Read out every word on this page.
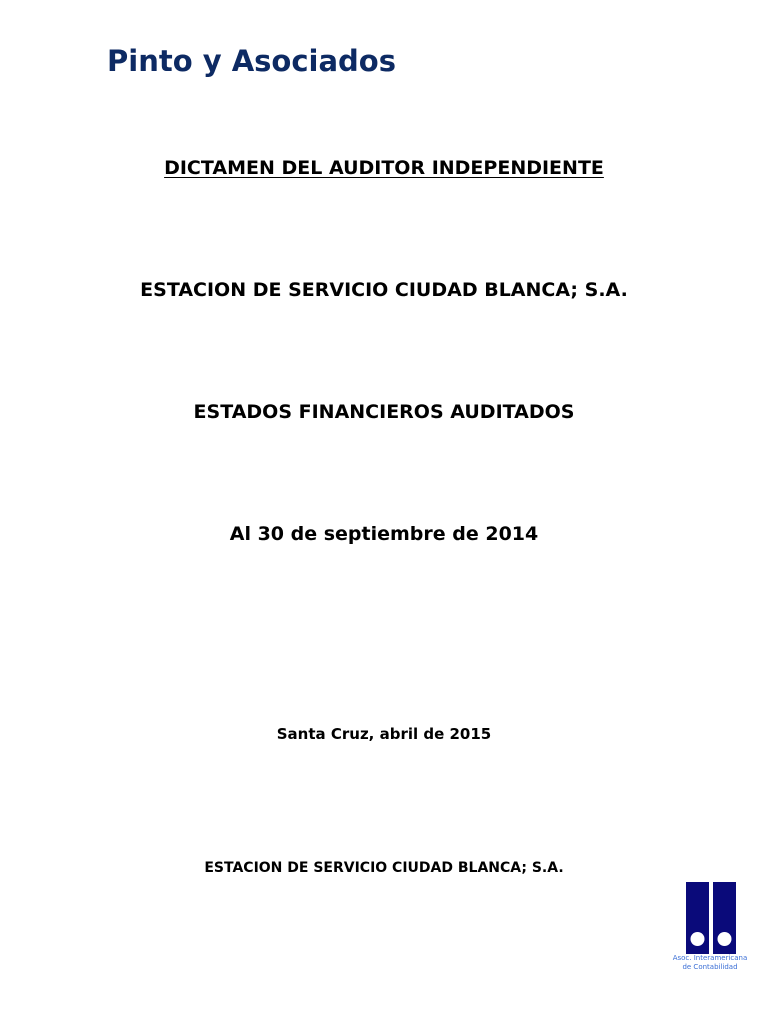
Pinto y Asociados
DICTAMEN DEL AUDITOR INDEPENDIENTE
ESTACION DE SERVICIO CIUDAD BLANCA; S.A.
ESTADOS FINANCIEROS AUDITADOS
Al 30 de septiembre de 2014
Santa Cruz, abril de 2015
ESTACION DE SERVICIO CIUDAD BLANCA; S.A.
Asoc. Interamericana
de Contabilidad
